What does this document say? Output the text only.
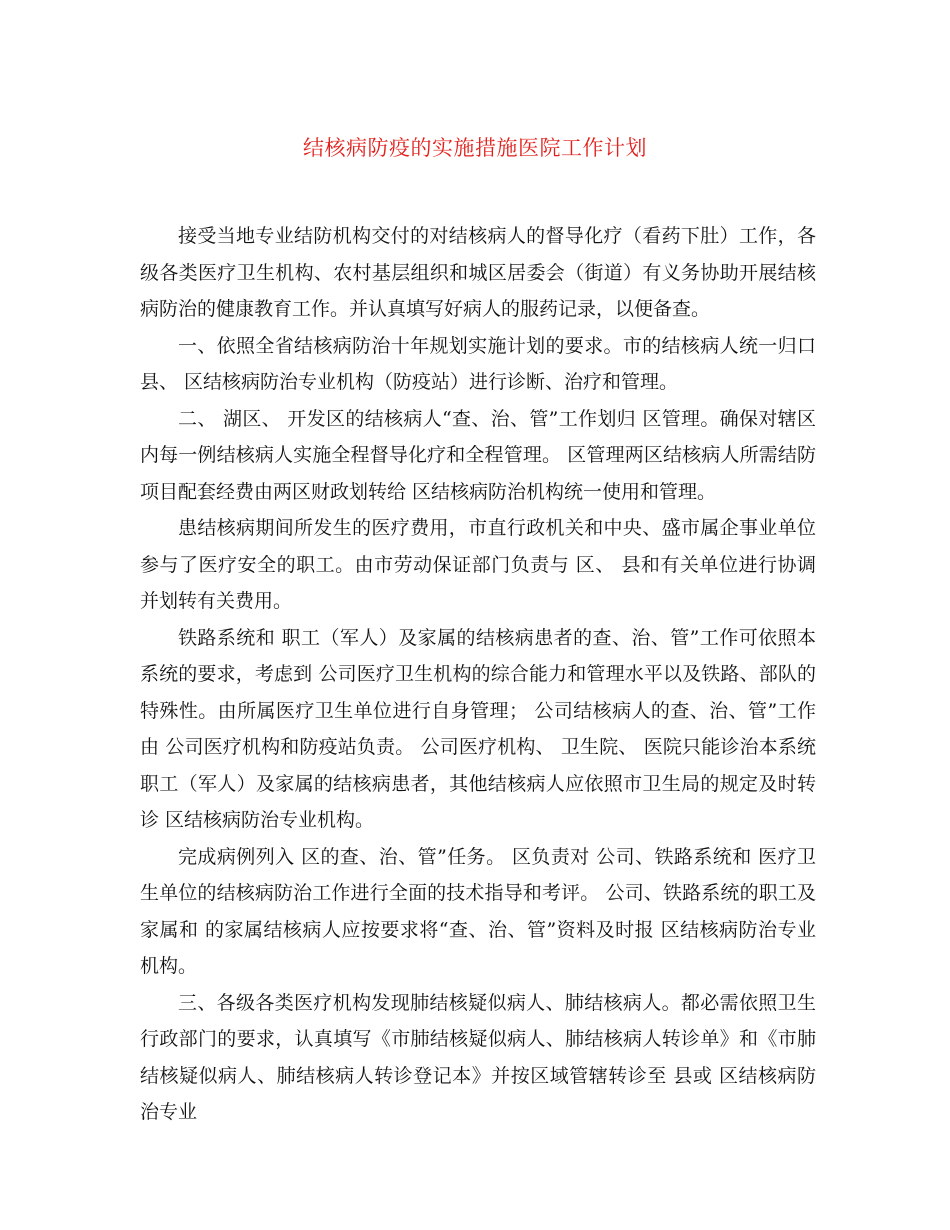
结核病防疫的实施措施医院工作计划

接受当地专业结防机构交付的对结核病人的督导化疗（看药下肚）工作，各级各类医疗卫生机构、农村基层组织和城区居委会（街道）有义务协助开展结核病防治的健康教育工作。并认真填写好病人的服药记录，以便备查。

一、依照全省结核病防治十年规划实施计划的要求。市的结核病人统一归口县、 区结核病防治专业机构（防疫站）进行诊断、治疗和管理。

二、 湖区、 开发区的结核病人“查、治、管”工作划归 区管理。确保对辖区内每一例结核病人实施全程督导化疗和全程管理。 区管理两区结核病人所需结防项目配套经费由两区财政划转给 区结核病防治机构统一使用和管理。

患结核病期间所发生的医疗费用，市直行政机关和中央、盛市属企事业单位参与了医疗安全的职工。由市劳动保证部门负责与 区、 县和有关单位进行协调并划转有关费用。

铁路系统和 职工（军人）及家属的结核病患者的查、治、管”工作可依照本系统的要求，考虑到 公司医疗卫生机构的综合能力和管理水平以及铁路、部队的特殊性。由所属医疗卫生单位进行自身管理； 公司结核病人的查、治、管”工作由 公司医疗机构和防疫站负责。 公司医疗机构、 卫生院、 医院只能诊治本系统职工（军人）及家属的结核病患者，其他结核病人应依照市卫生局的规定及时转诊 区结核病防治专业机构。

完成病例列入 区的查、治、管”任务。 区负责对 公司、铁路系统和 医疗卫生单位的结核病防治工作进行全面的技术指导和考评。 公司、铁路系统的职工及家属和 的家属结核病人应按要求将“查、治、管”资料及时报 区结核病防治专业机构。

三、各级各类医疗机构发现肺结核疑似病人、肺结核病人。都必需依照卫生行政部门的要求，认真填写《市肺结核疑似病人、肺结核病人转诊单》和《市肺结核疑似病人、肺结核病人转诊登记本》并按区域管辖转诊至 县或 区结核病防治专业
